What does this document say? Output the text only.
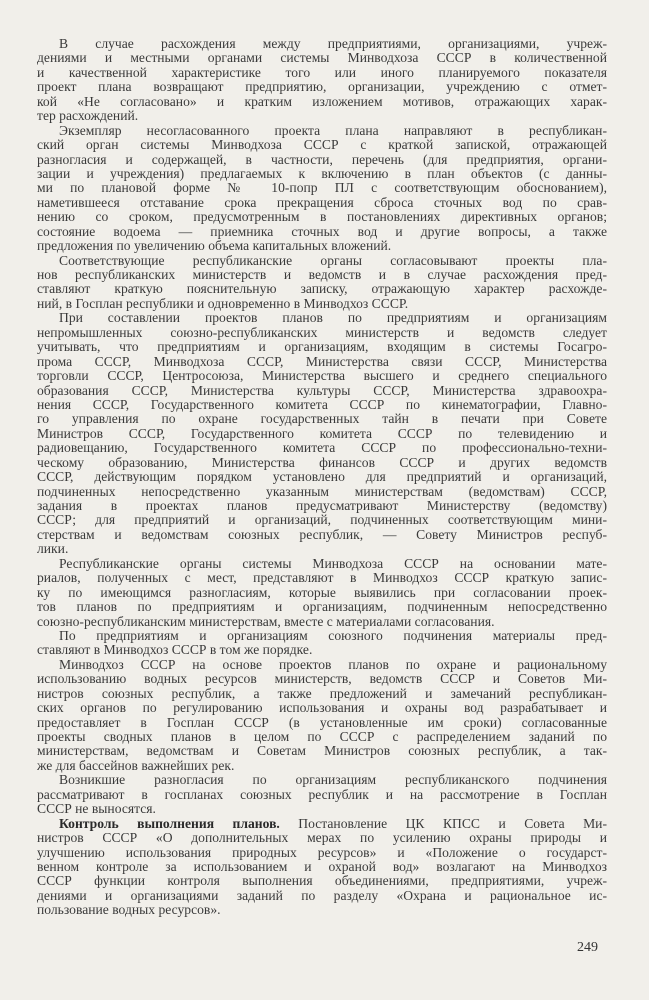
В случае расхождения между предприятиями, организациями, учреж-
дениями и местными органами системы Минводхоза СССР в количественной
и качественной характеристике того или иного планируемого показателя
проект плана возвращают предприятию, организации, учреждению с отмет-
кой «Не согласовано» и кратким изложением мотивов, отражающих харак-
тер расхождений.
Экземпляр несогласованного проекта плана направляют в республикан-
ский орган системы Минводхоза СССР с краткой запиской, отражающей
разногласия и содержащей, в частности, перечень (для предприятия, органи-
зации и учреждения) предлагаемых к включению в план объектов (с данны-
ми по плановой форме № 10-попр ПЛ с соответствующим обоснованием),
наметившееся отставание срока прекращения сброса сточных вод по срав-
нению со сроком, предусмотренным в постановлениях директивных органов;
состояние водоема — приемника сточных вод и другие вопросы, а также
предложения по увеличению объема капитальных вложений.
Соответствующие республиканские органы согласовывают проекты пла-
нов республиканских министерств и ведомств и в случае расхождения пред-
ставляют краткую пояснительную записку, отражающую характер расхожде-
ний, в Госплан республики и одновременно в Минводхоз СССР.
При составлении проектов планов по предприятиям и организациям
непромышленных союзно-республиканских министерств и ведомств следует
учитывать, что предприятиям и организациям, входящим в системы Госагро-
прома СССР, Минводхоза СССР, Министерства связи СССР, Министерства
торговли СССР, Центросоюза, Министерства высшего и среднего специального
образования СССР, Министерства культуры СССР, Министерства здравоохра-
нения СССР, Государственного комитета СССР по кинематографии, Главно-
го управления по охране государственных тайн в печати при Совете
Министров СССР, Государственного комитета СССР по телевидению и
радиовещанию, Государственного комитета СССР по профессионально-техни-
ческому образованию, Министерства финансов СССР и других ведомств
СССР, действующим порядком установлено для предприятий и организаций,
подчиненных непосредственно указанным министерствам (ведомствам) СССР,
задания в проектах планов предусматривают Министерству (ведомству)
СССР; для предприятий и организаций, подчиненных соответствующим мини-
стерствам и ведомствам союзных республик, — Совету Министров респуб-
лики.
Республиканские органы системы Минводхоза СССР на основании мате-
риалов, полученных с мест, представляют в Минводхоз СССР краткую запис-
ку по имеющимся разногласиям, которые выявились при согласовании проек-
тов планов по предприятиям и организациям, подчиненным непосредственно
союзно-республиканским министерствам, вместе с материалами согласования.
По предприятиям и организациям союзного подчинения материалы пред-
ставляют в Минводхоз СССР в том же порядке.
Минводхоз СССР на основе проектов планов по охране и рациональному
использованию водных ресурсов министерств, ведомств СССР и Советов Ми-
нистров союзных республик, а также предложений и замечаний республикан-
ских органов по регулированию использования и охраны вод разрабатывает и
предоставляет в Госплан СССР (в установленные им сроки) согласованные
проекты сводных планов в целом по СССР с распределением заданий по
министерствам, ведомствам и Советам Министров союзных республик, а так-
же для бассейнов важнейших рек.
Возникшие разногласия по организациям республиканского подчинения
рассматривают в госпланах союзных республик и на рассмотрение в Госплан
СССР не выносятся.
Контроль выполнения планов. Постановление ЦК КПСС и Совета Ми-
нистров СССР «О дополнительных мерах по усилению охраны природы и
улучшению использования природных ресурсов» и «Положение о государст-
венном контроле за использованием и охраной вод» возлагают на Минводхоз
СССР функции контроля выполнения объединениями, предприятиями, учреж-
дениями и организациями заданий по разделу «Охрана и рациональное ис-
пользование водных ресурсов».
249
